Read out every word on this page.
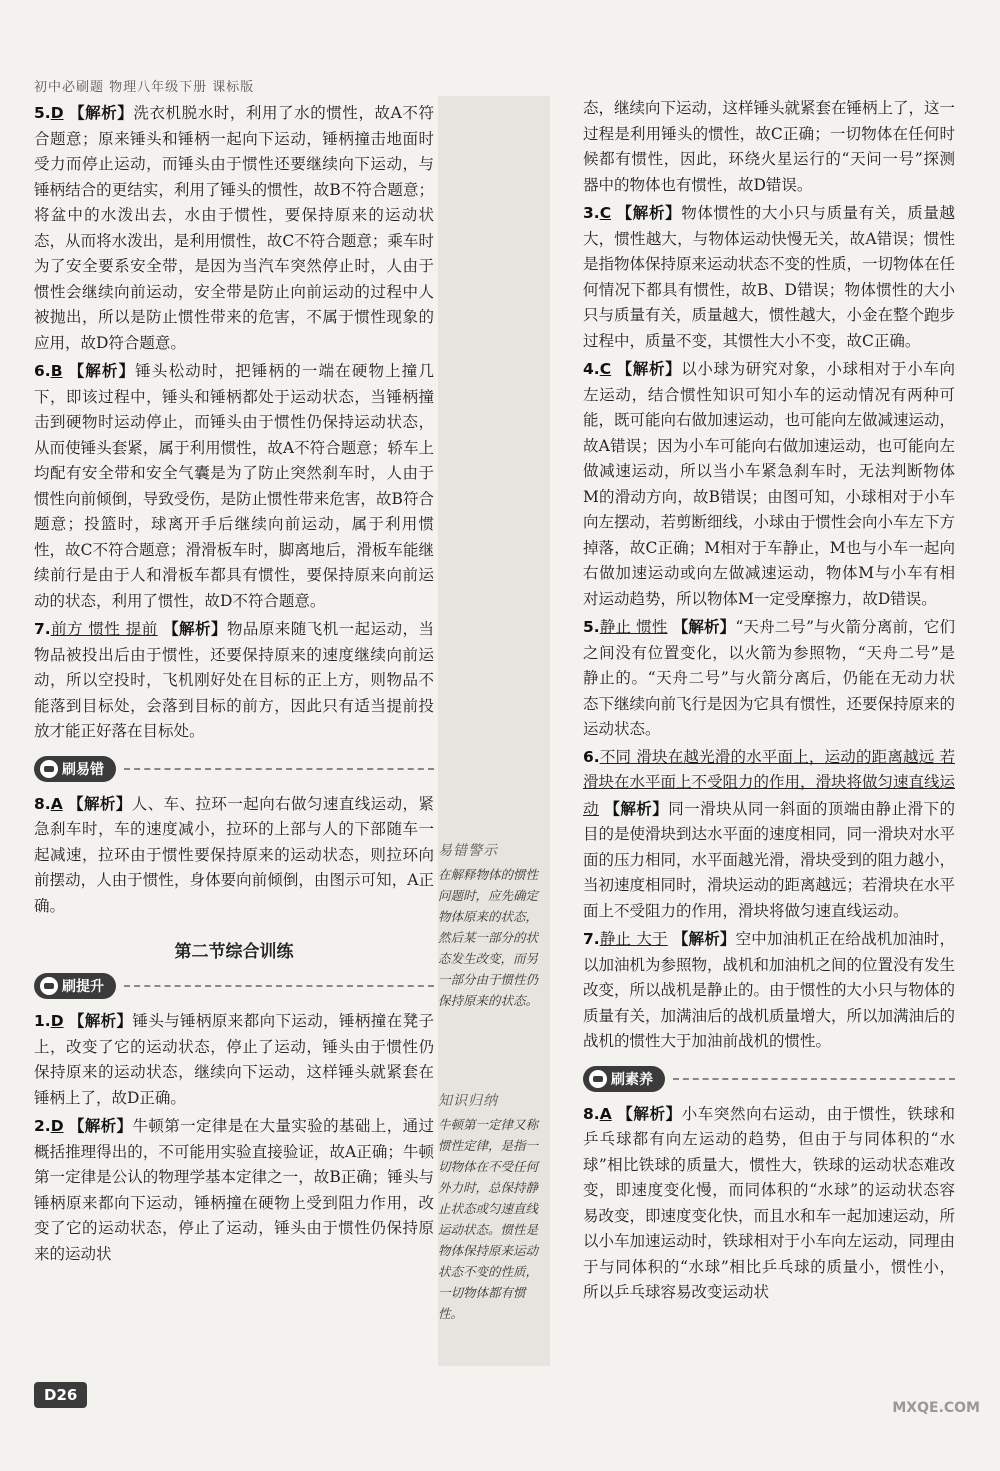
初中必刷题 物理八年级下册 课标版

5.D 【解析】洗衣机脱水时，利用了水的惯性，故A不符合题意；原来锤头和锤柄一起向下运动，锤柄撞击地面时受力而停止运动，而锤头由于惯性还要继续向下运动，与锤柄结合的更结实，利用了锤头的惯性，故B不符合题意；将盆中的水泼出去，水由于惯性，要保持原来的运动状态，从而将水泼出，是利用惯性，故C不符合题意；乘车时为了安全要系安全带，是因为当汽车突然停止时，人由于惯性会继续向前运动，安全带是防止向前运动的过程中人被抛出，所以是防止惯性带来的危害，不属于惯性现象的应用，故D符合题意。

6.B 【解析】锤头松动时，把锤柄的一端在硬物上撞几下，即该过程中，锤头和锤柄都处于运动状态，当锤柄撞击到硬物时运动停止，而锤头由于惯性仍保持运动状态，从而使锤头套紧，属于利用惯性，故A不符合题意；轿车上均配有安全带和安全气囊是为了防止突然刹车时，人由于惯性向前倾倒，导致受伤，是防止惯性带来危害，故B符合题意；投篮时，球离开手后继续向前运动，属于利用惯性，故C不符合题意；滑滑板车时，脚离地后，滑板车能继续前行是由于人和滑板车都具有惯性，要保持原来向前运动的状态，利用了惯性，故D不符合题意。

7.前方 惯性 提前 【解析】物品原来随飞机一起运动，当物品被投出后由于惯性，还要保持原来的速度继续向前运动，所以空投时，飞机刚好处在目标的正上方，则物品不能落到目标处，会落到目标的前方，因此只有适当提前投放才能正好落在目标处。

刷易错

8.A 【解析】人、车、拉环一起向右做匀速直线运动，紧急刹车时，车的速度减小，拉环的上部与人的下部随车一起减速，拉环由于惯性要保持原来的运动状态，则拉环向前摆动，人由于惯性，身体要向前倾倒，由图示可知，A正确。

第二节综合训练
刷提升

1.D 【解析】锤头与锤柄原来都向下运动，锤柄撞在凳子上，改变了它的运动状态，停止了运动，锤头由于惯性仍保持原来的运动状态，继续向下运动，这样锤头就紧套在锤柄上了，故D正确。

2.D 【解析】牛顿第一定律是在大量实验的基础上，通过概括推理得出的，不可能用实验直接验证，故A正确；牛顿第一定律是公认的物理学基本定律之一，故B正确；锤头与锤柄原来都向下运动，锤柄撞在硬物上受到阻力作用，改变了它的运动状态，停止了运动，锤头由于惯性仍保持原来的运动状

易错警示
在解释物体的惯性问题时，应先确定物体原来的状态，然后某一部分的状态发生改变，而另一部分由于惯性仍保持原来的状态。
知识归纳
牛顿第一定律又称惯性定律，是指一切物体在不受任何外力时，总保持静止状态或匀速直线运动状态。惯性是物体保持原来运动状态不变的性质，一切物体都有惯性。

态，继续向下运动，这样锤头就紧套在锤柄上了，这一过程是利用锤头的惯性，故C正确；一切物体在任何时候都有惯性，因此，环绕火星运行的“天问一号”探测器中的物体也有惯性，故D错误。

3.C 【解析】物体惯性的大小只与质量有关，质量越大，惯性越大，与物体运动快慢无关，故A错误；惯性是指物体保持原来运动状态不变的性质，一切物体在任何情况下都具有惯性，故B、D错误；物体惯性的大小只与质量有关，质量越大，惯性越大，小金在整个跑步过程中，质量不变，其惯性大小不变，故C正确。

4.C 【解析】以小球为研究对象，小球相对于小车向左运动，结合惯性知识可知小车的运动情况有两种可能，既可能向右做加速运动，也可能向左做减速运动，故A错误；因为小车可能向右做加速运动，也可能向左做减速运动，所以当小车紧急刹车时，无法判断物体M的滑动方向，故B错误；由图可知，小球相对于小车向左摆动，若剪断细线，小球由于惯性会向小车左下方掉落，故C正确；M相对于车静止，M也与小车一起向右做加速运动或向左做减速运动，物体M与小车有相对运动趋势，所以物体M一定受摩擦力，故D错误。

5.静止 惯性 【解析】“天舟二号”与火箭分离前，它们之间没有位置变化，以火箭为参照物，“天舟二号”是静止的。“天舟二号”与火箭分离后，仍能在无动力状态下继续向前飞行是因为它具有惯性，还要保持原来的运动状态。

6.不同 滑块在越光滑的水平面上，运动的距离越远 若滑块在水平面上不受阻力的作用，滑块将做匀速直线运动 【解析】同一滑块从同一斜面的顶端由静止滑下的目的是使滑块到达水平面的速度相同，同一滑块对水平面的压力相同，水平面越光滑，滑块受到的阻力越小，当初速度相同时，滑块运动的距离越远；若滑块在水平面上不受阻力的作用，滑块将做匀速直线运动。

7.静止 大于 【解析】空中加油机正在给战机加油时，以加油机为参照物，战机和加油机之间的位置没有发生改变，所以战机是静止的。由于惯性的大小只与物体的质量有关，加满油后的战机质量增大，所以加满油后的战机的惯性大于加油前战机的惯性。

刷素养

8.A 【解析】小车突然向右运动，由于惯性，铁球和乒乓球都有向左运动的趋势，但由于与同体积的“水球”相比铁球的质量大，惯性大，铁球的运动状态难改变，即速度变化慢，而同体积的“水球”的运动状态容易改变，即速度变化快，而且水和车一起加速运动，所以小车加速运动时，铁球相对于小车向左运动，同理由于与同体积的“水球”相比乒乓球的质量小，惯性小，所以乒乓球容易改变运动状

D26
MXQE.COM
